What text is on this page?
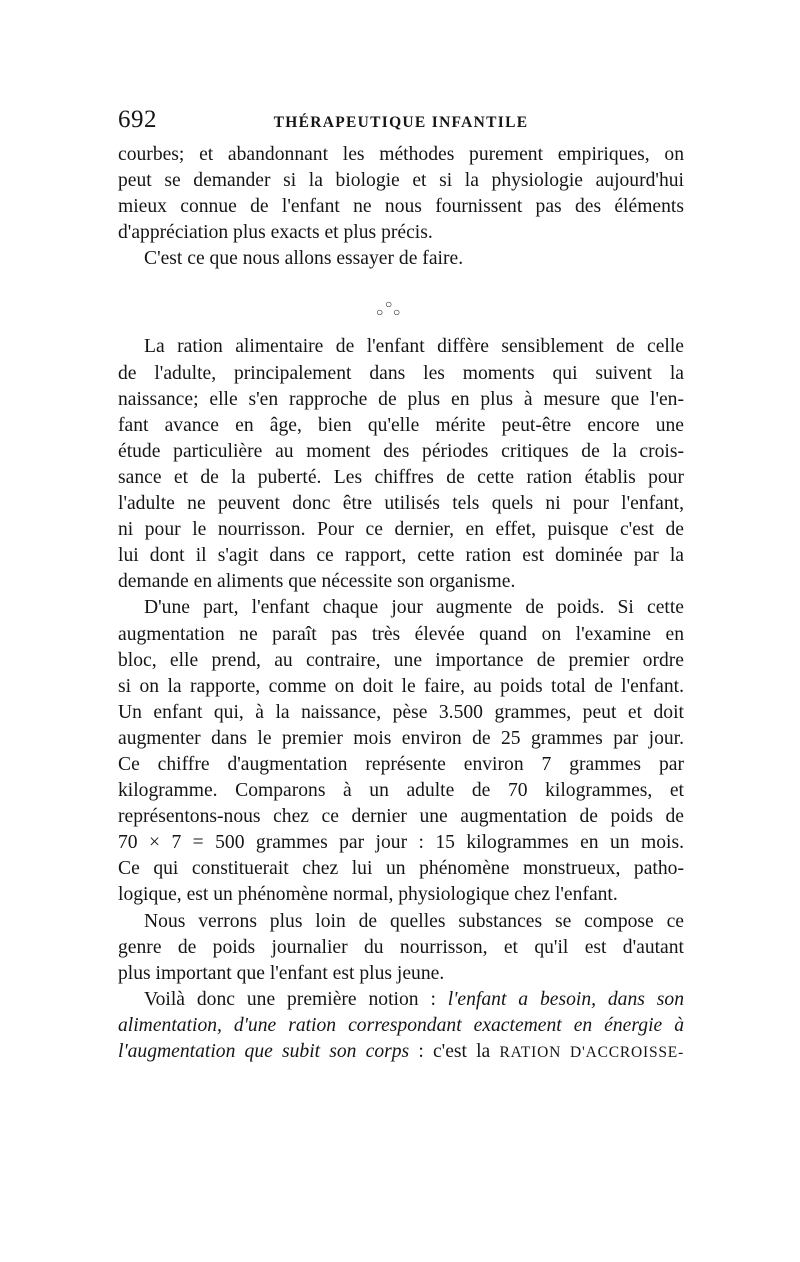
692	THÉRAPEUTIQUE INFANTILE
courbes; et abandonnant les méthodes purement empiriques, on
peut se demander si la biologie et si la physiologie aujourd'hui
mieux connue de l'enfant ne nous fournissent pas des éléments
d'appréciation plus exacts et plus précis.
C'est ce que nous allons essayer de faire.
○
○ ○
La ration alimentaire de l'enfant diffère sensiblement de celle
de l'adulte, principalement dans les moments qui suivent la
naissance; elle s'en rapproche de plus en plus à mesure que l'en-
fant avance en âge, bien qu'elle mérite peut-être encore une
étude particulière au moment des périodes critiques de la crois-
sance et de la puberté. Les chiffres de cette ration établis pour
l'adulte ne peuvent donc être utilisés tels quels ni pour l'enfant,
ni pour le nourrisson. Pour ce dernier, en effet, puisque c'est de
lui dont il s'agit dans ce rapport, cette ration est dominée par la
demande en aliments que nécessite son organisme.
D'une part, l'enfant chaque jour augmente de poids. Si cette
augmentation ne paraît pas très élevée quand on l'examine en
bloc, elle prend, au contraire, une importance de premier ordre
si on la rapporte, comme on doit le faire, au poids total de l'enfant.
Un enfant qui, à la naissance, pèse 3.500 grammes, peut et doit
augmenter dans le premier mois environ de 25 grammes par jour.
Ce chiffre d'augmentation représente environ 7 grammes par
kilogramme. Comparons à un adulte de 70 kilogrammes, et
représentons-nous chez ce dernier une augmentation de poids de
70 × 7 = 500 grammes par jour : 15 kilogrammes en un mois.
Ce qui constituerait chez lui un phénomène monstrueux, patho-
logique, est un phénomène normal, physiologique chez l'enfant.
Nous verrons plus loin de quelles substances se compose ce
genre de poids journalier du nourrisson, et qu'il est d'autant
plus important que l'enfant est plus jeune.
Voilà donc une première notion : l'enfant a besoin, dans son
alimentation, d'une ration correspondant exactement en énergie à
l'augmentation que subit son corps : c'est la RATION D'ACCROISSE-
